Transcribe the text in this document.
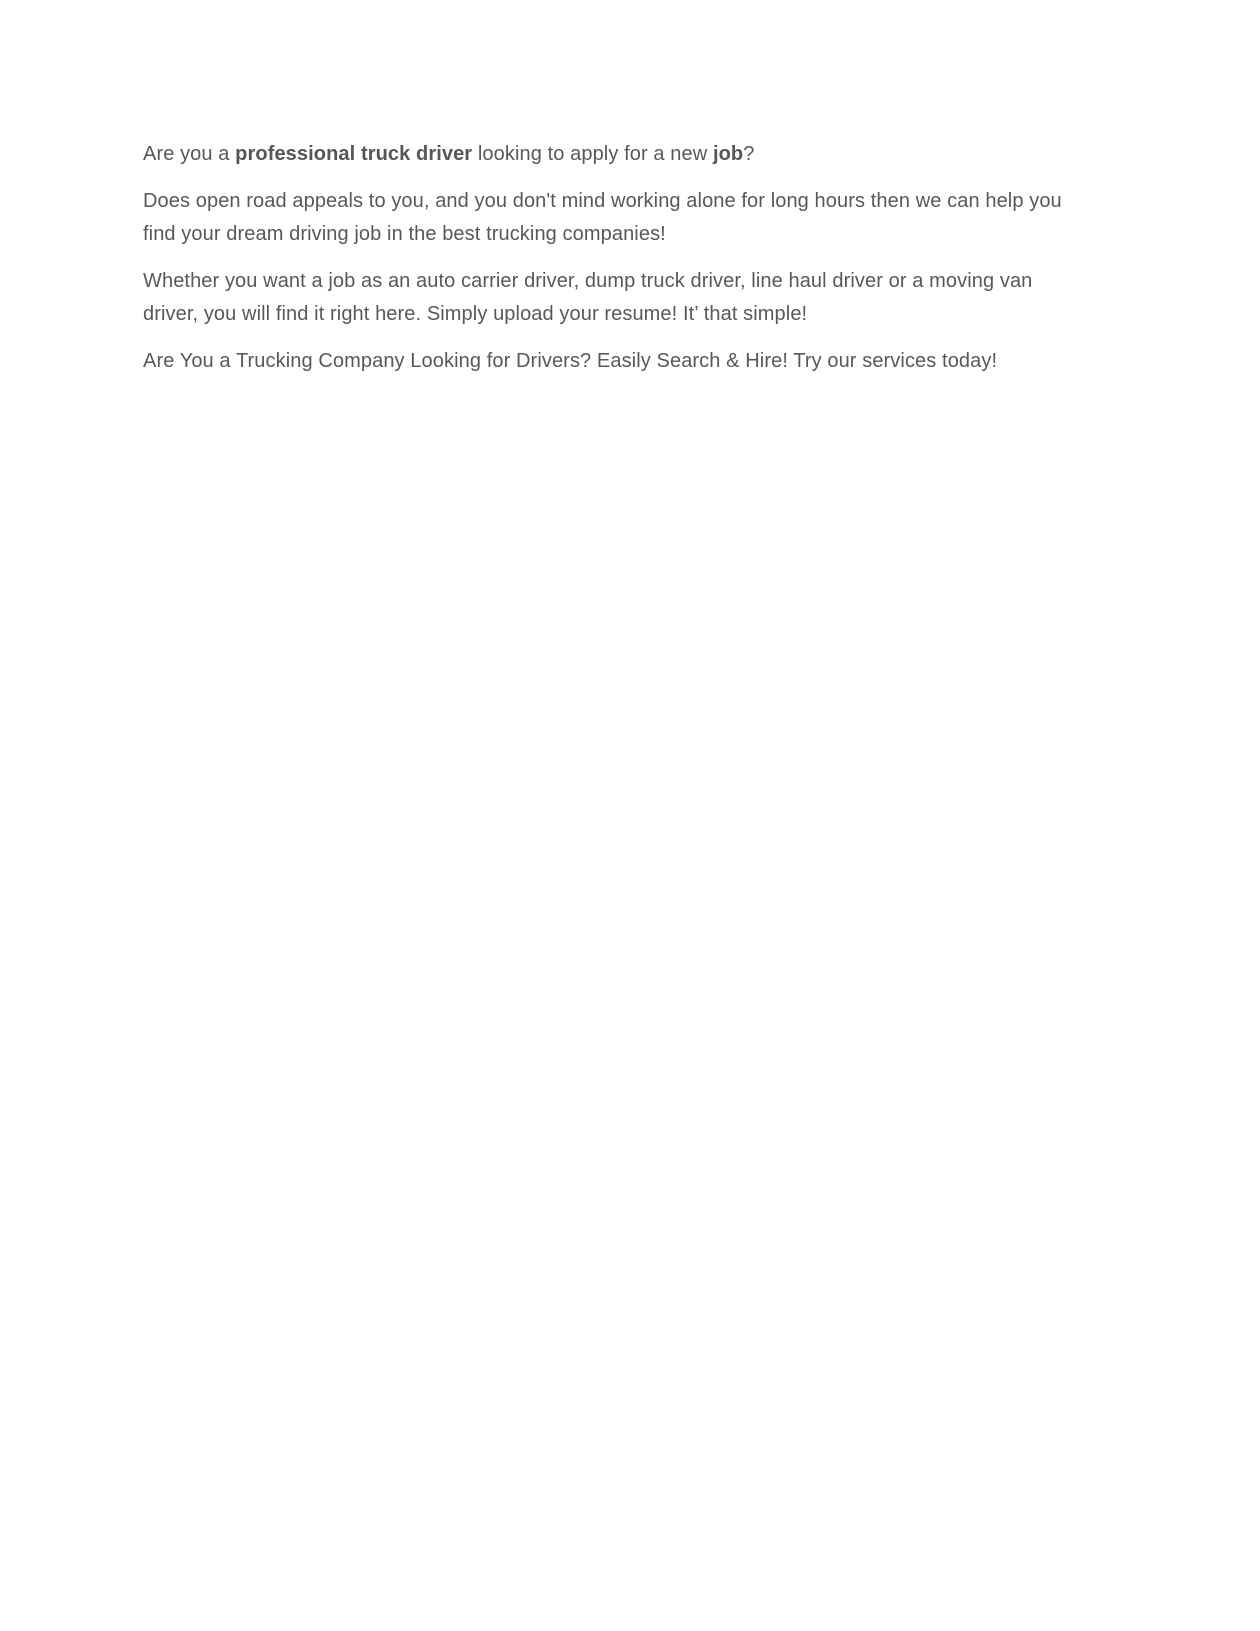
Are you a professional truck driver looking to apply for a new job?

Does open road appeals to you, and you don't mind working alone for long hours then we can help you find your dream driving job in the best trucking companies!

Whether you want a job as an auto carrier driver, dump truck driver, line haul driver or a moving van driver, you will find it right here. Simply upload your resume! It’ that simple!

Are You a Trucking Company Looking for Drivers? Easily Search & Hire! Try our services today!
